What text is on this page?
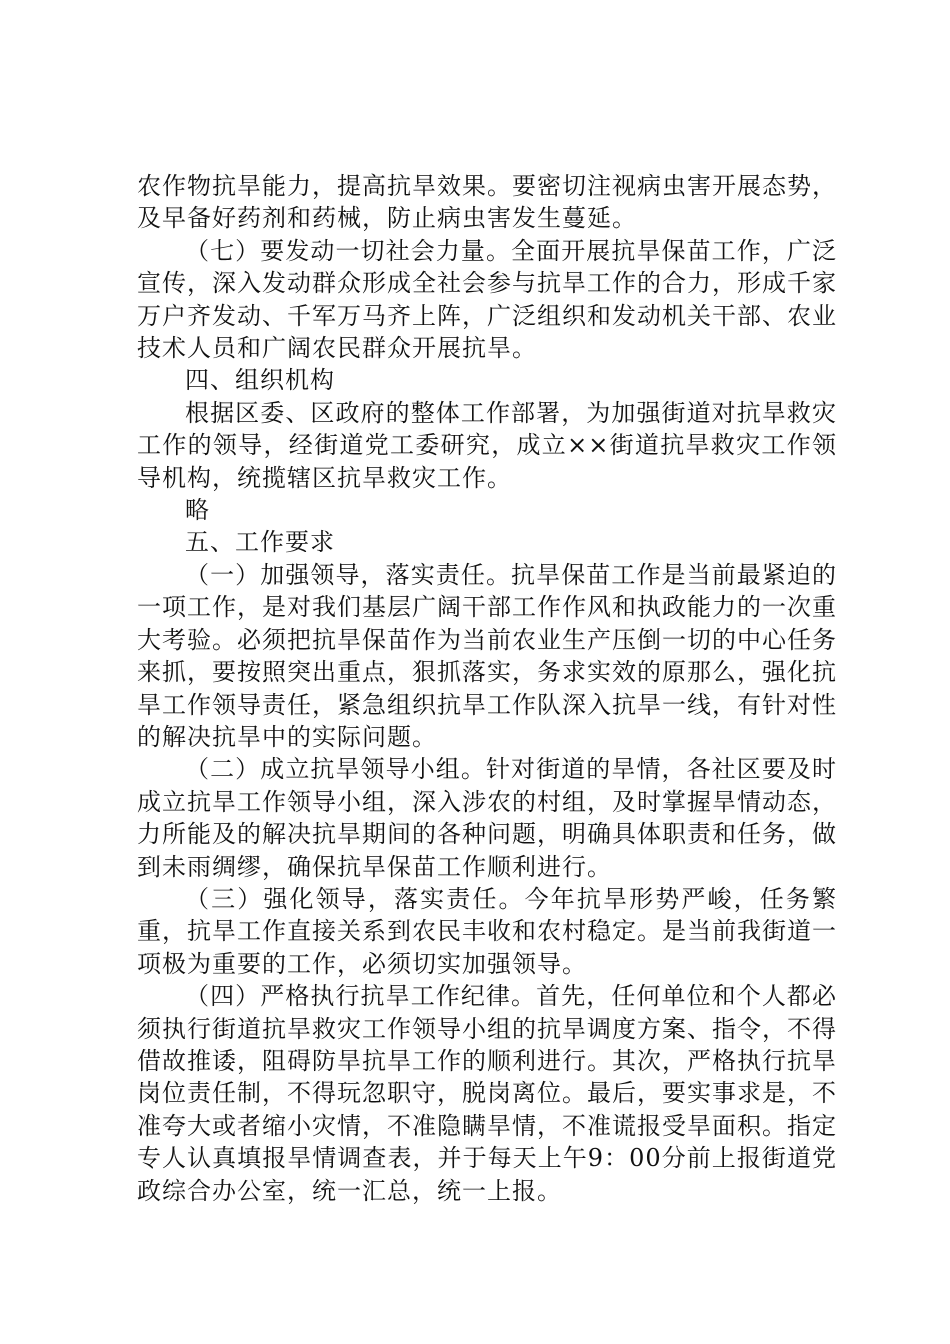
农作物抗旱能力，提高抗旱效果。要密切注视病虫害开展态势，及早备好药剂和药械，防止病虫害发生蔓延。

（七）要发动一切社会力量。全面开展抗旱保苗工作，广泛宣传，深入发动群众形成全社会参与抗旱工作的合力，形成千家万户齐发动、千军万马齐上阵，广泛组织和发动机关干部、农业技术人员和广阔农民群众开展抗旱。

四、组织机构

根据区委、区政府的整体工作部署，为加强街道对抗旱救灾工作的领导，经街道党工委研究，成立××街道抗旱救灾工作领导机构，统揽辖区抗旱救灾工作。

略

五、工作要求

（一）加强领导，落实责任。抗旱保苗工作是当前最紧迫的一项工作，是对我们基层广阔干部工作作风和执政能力的一次重大考验。必须把抗旱保苗作为当前农业生产压倒一切的中心任务来抓，要按照突出重点，狠抓落实，务求实效的原那么，强化抗旱工作领导责任，紧急组织抗旱工作队深入抗旱一线，有针对性的解决抗旱中的实际问题。

（二）成立抗旱领导小组。针对街道的旱情，各社区要及时成立抗旱工作领导小组，深入涉农的村组，及时掌握旱情动态，力所能及的解决抗旱期间的各种问题，明确具体职责和任务，做到未雨绸缪，确保抗旱保苗工作顺利进行。

（三）强化领导，落实责任。今年抗旱形势严峻，任务繁重，抗旱工作直接关系到农民丰收和农村稳定。是当前我街道一项极为重要的工作，必须切实加强领导。

（四）严格执行抗旱工作纪律。首先，任何单位和个人都必须执行街道抗旱救灾工作领导小组的抗旱调度方案、指令，不得借故推诿，阻碍防旱抗旱工作的顺利进行。其次，严格执行抗旱岗位责任制，不得玩忽职守，脱岗离位。最后，要实事求是，不准夸大或者缩小灾情，不准隐瞒旱情，不准谎报受旱面积。指定专人认真填报旱情调查表，并于每天上午9：00分前上报街道党政综合办公室，统一汇总，统一上报。
